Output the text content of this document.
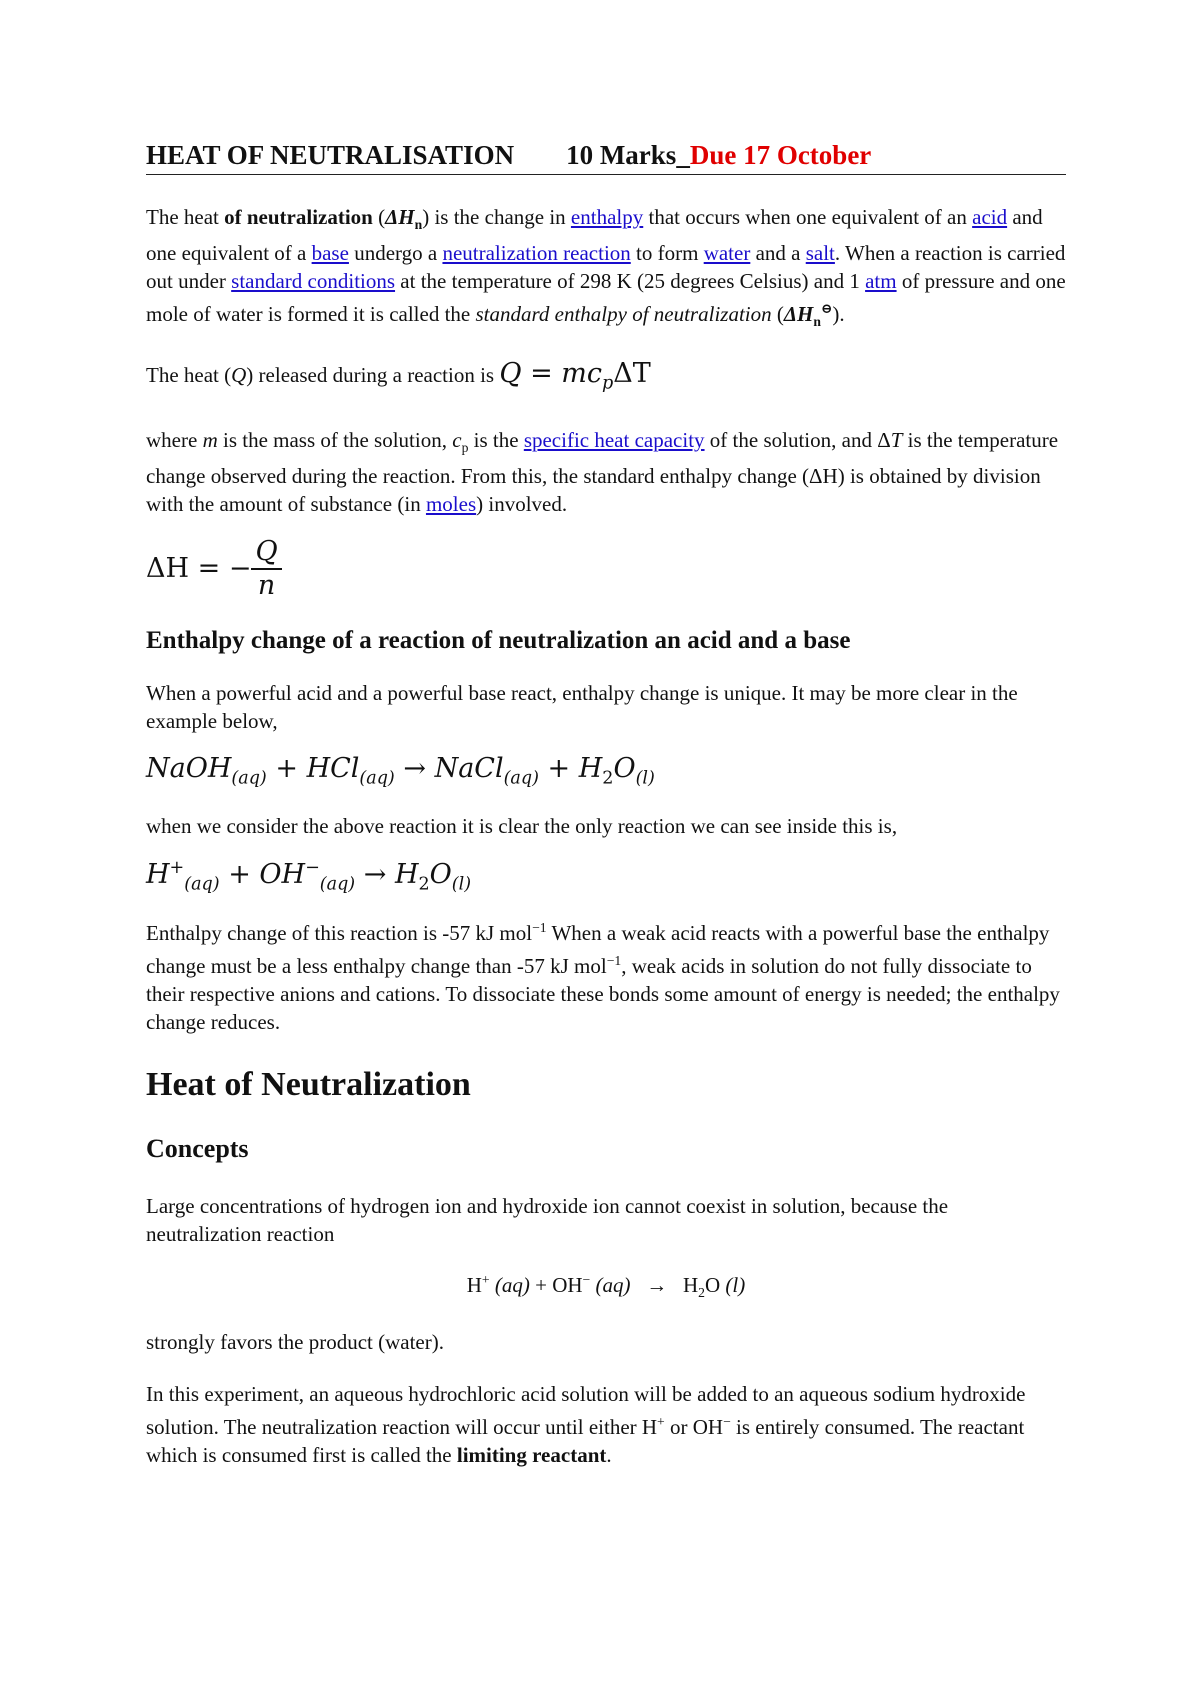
HEAT OF NEUTRALISATION 10 Marks_ Due 17 October

The heat of neutralization $(\Delta H_n)$ is the change in enthalpy that occurs when one equivalent of an acid and one equivalent of a base undergo a neutralization reaction to form water and a salt. When a reaction is carried out under standard conditions at the temperature of 298 K (25 degrees Celsius) and 1 atm of pressure and one mole of water is formed it is called the standard enthalpy of neutralization $(\Delta H_n^⊖)$.

The heat (Q) released during a reaction is $Q = mc_p\Delta T$

where m is the mass of the solution, $c_p$ is the specific heat capacity of the solution, and ΔT is the temperature change observed during the reaction. From this, the standard enthalpy change (ΔH) is obtained by division with the amount of substance (in moles) involved.

ΔH = − $\frac{Q}{n}$
Enthalpy change of a reaction of neutralization an acid and a base

When a powerful acid and a powerful base react, enthalpy change is unique. It may be more clear in the example below,

NaOH$_{(aq)}$ + HCl$_{(aq)}$ → NaCl$_{(aq)}$ + $H_2O_{(l)}$

when we consider the above reaction it is clear the only reaction we can see inside this is,

$H^+_{(aq)} + OH^-_{(aq)} \to H_2O_{(l)}$

Enthalpy change of this reaction is -57 kJ mol$^{-1}$ When a weak acid reacts with a powerful base the enthalpy change must be a less enthalpy change than -57 kJ mol$^{-1}$, weak acids in solution do not fully dissociate to their respective anions and cations. To dissociate these bonds some amount of energy is needed; the enthalpy change reduces.

Heat of Neutralization
Concepts

Large concentrations of hydrogen ion and hydroxide ion cannot coexist in solution, because the neutralization reaction

H+ (aq) + OH− $(aq) \to H_2O$ (l)

strongly favors the product (water).

In this experiment, an aqueous hydrochloric acid solution will be added to an aqueous sodium hydroxide solution. The neutralization reaction will occur until either H+ or OH− is entirely consumed. The reactant which is consumed first is called the limiting reactant.
